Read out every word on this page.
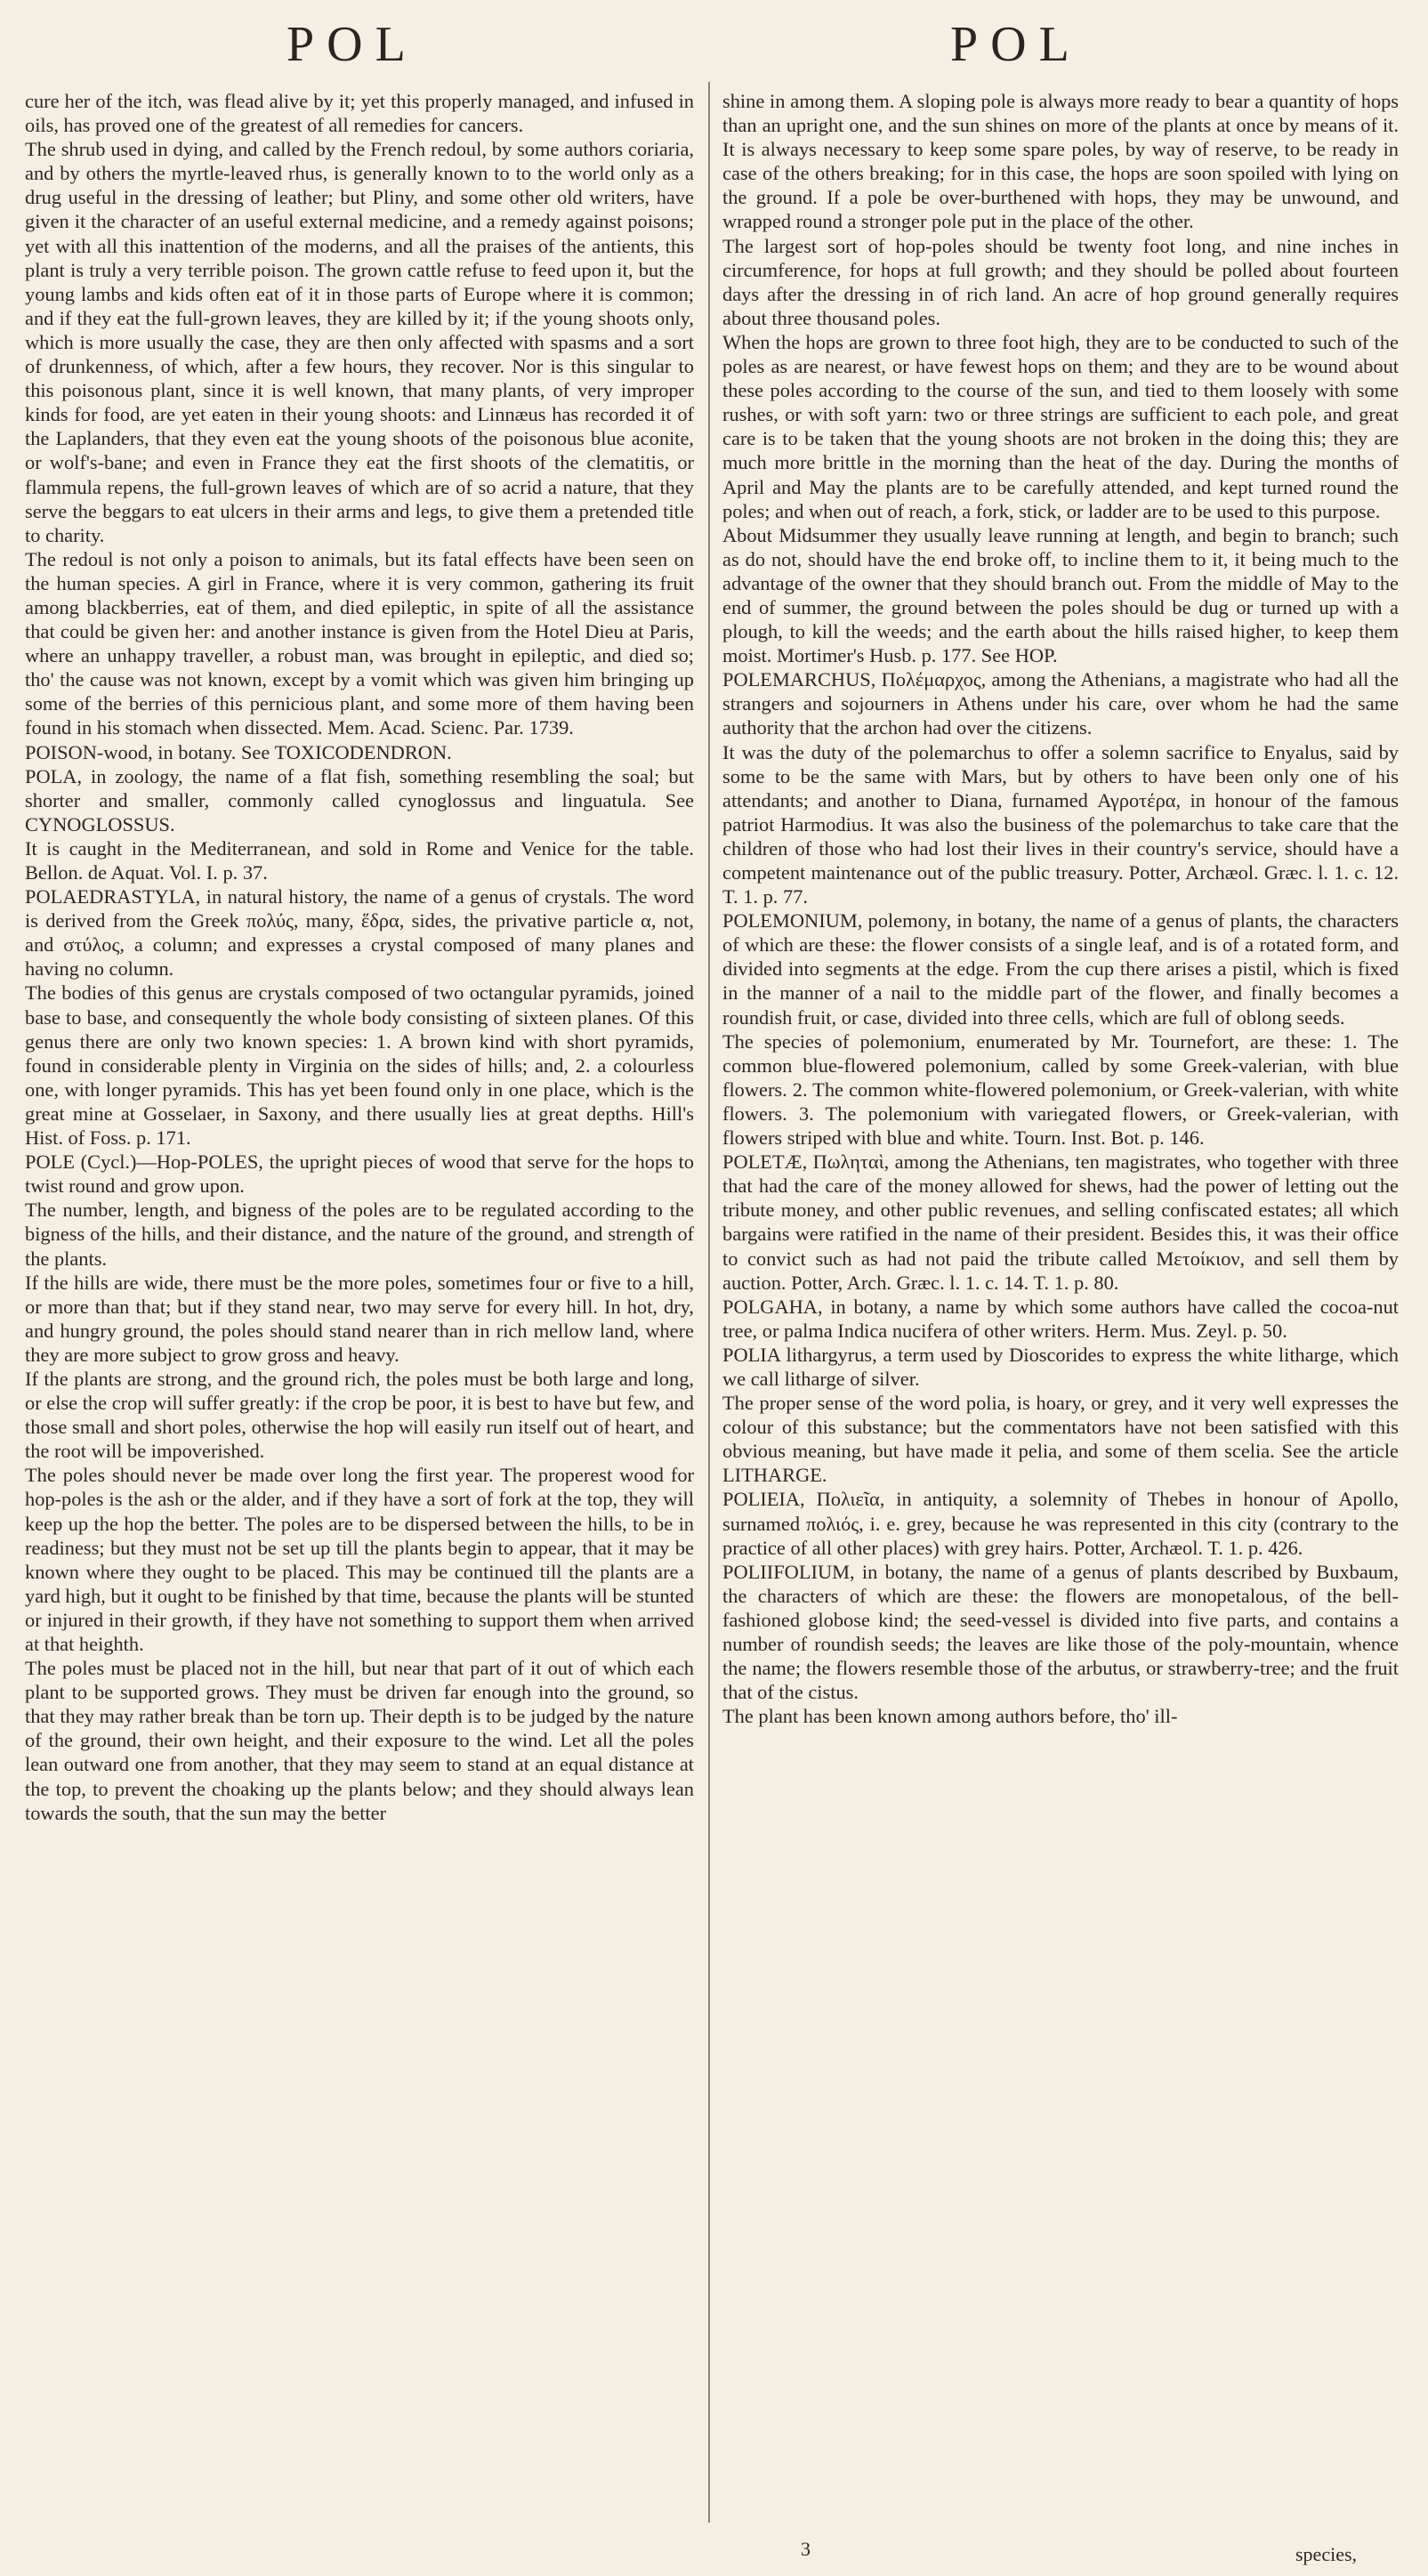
POL	POL

cure her of the itch, was flead alive by it; yet this properly managed, and infused in oils, has proved one of the greatest of all remedies for cancers.

The shrub used in dying, and called by the French redoul, by some authors coriaria, and by others the myrtle-leaved rhus, is generally known to to the world only as a drug useful in the dressing of leather; but Pliny, and some other old writers, have given it the character of an useful external medicine, and a remedy against poisons; yet with all this inattention of the moderns, and all the praises of the antients, this plant is truly a very terrible poison. The grown cattle refuse to feed upon it, but the young lambs and kids often eat of it in those parts of Europe where it is common; and if they eat the full-grown leaves, they are killed by it; if the young shoots only, which is more usually the case, they are then only affected with spasms and a sort of drunkenness, of which, after a few hours, they recover. Nor is this singular to this poisonous plant, since it is well known, that many plants, of very improper kinds for food, are yet eaten in their young shoots: and Linnæus has recorded it of the Laplanders, that they even eat the young shoots of the poisonous blue aconite, or wolf's-bane; and even in France they eat the first shoots of the clematitis, or flammula repens, the full-grown leaves of which are of so acrid a nature, that they serve the beggars to eat ulcers in their arms and legs, to give them a pretended title to charity.

The redoul is not only a poison to animals, but its fatal effects have been seen on the human species. A girl in France, where it is very common, gathering its fruit among blackberries, eat of them, and died epileptic, in spite of all the assistance that could be given her: and another instance is given from the Hotel Dieu at Paris, where an unhappy traveller, a robust man, was brought in epileptic, and died so; tho' the cause was not known, except by a vomit which was given him bringing up some of the berries of this pernicious plant, and some more of them having been found in his stomach when dissected. Mem. Acad. Scienc. Par. 1739.

POISON-wood, in botany. See TOXICODENDRON.

POLA, in zoology, the name of a flat fish, something resembling the soal; but shorter and smaller, commonly called cynoglossus and linguatula. See CYNOGLOSSUS.

It is caught in the Mediterranean, and sold in Rome and Venice for the table. Bellon. de Aquat. Vol. I. p. 37.

POLAEDRASTYLA, in natural history, the name of a genus of crystals. The word is derived from the Greek πολύς, many, ἕδρα, sides, the privative particle α, not, and στύλος, a column; and expresses a crystal composed of many planes and having no column.

The bodies of this genus are crystals composed of two octangular pyramids, joined base to base, and consequently the whole body consisting of sixteen planes. Of this genus there are only two known species: 1. A brown kind with short pyramids, found in considerable plenty in Virginia on the sides of hills; and, 2. a colourless one, with longer pyramids. This has yet been found only in one place, which is the great mine at Gosselaer, in Saxony, and there usually lies at great depths. Hill's Hist. of Foss. p. 171.

POLE (Cycl.)—Hop-POLES, the upright pieces of wood that serve for the hops to twist round and grow upon.

The number, length, and bigness of the poles are to be regulated according to the bigness of the hills, and their distance, and the nature of the ground, and strength of the plants.

If the hills are wide, there must be the more poles, sometimes four or five to a hill, or more than that; but if they stand near, two may serve for every hill. In hot, dry, and hungry ground, the poles should stand nearer than in rich mellow land, where they are more subject to grow gross and heavy.

If the plants are strong, and the ground rich, the poles must be both large and long, or else the crop will suffer greatly: if the crop be poor, it is best to have but few, and those small and short poles, otherwise the hop will easily run itself out of heart, and the root will be impoverished.

The poles should never be made over long the first year. The properest wood for hop-poles is the ash or the alder, and if they have a sort of fork at the top, they will keep up the hop the better. The poles are to be dispersed between the hills, to be in readiness; but they must not be set up till the plants begin to appear, that it may be known where they ought to be placed. This may be continued till the plants are a yard high, but it ought to be finished by that time, because the plants will be stunted or injured in their growth, if they have not something to support them when arrived at that heighth.

The poles must be placed not in the hill, but near that part of it out of which each plant to be supported grows. They must be driven far enough into the ground, so that they may rather break than be torn up. Their depth is to be judged by the nature of the ground, their own height, and their exposure to the wind. Let all the poles lean outward one from another, that they may seem to stand at an equal distance at the top, to prevent the choaking up the plants below; and they should always lean towards the south, that the sun may the better

shine in among them. A sloping pole is always more ready to bear a quantity of hops than an upright one, and the sun shines on more of the plants at once by means of it. It is always necessary to keep some spare poles, by way of reserve, to be ready in case of the others breaking; for in this case, the hops are soon spoiled with lying on the ground. If a pole be over-burthened with hops, they may be unwound, and wrapped round a stronger pole put in the place of the other.

The largest sort of hop-poles should be twenty foot long, and nine inches in circumference, for hops at full growth; and they should be polled about fourteen days after the dressing in of rich land. An acre of hop ground generally requires about three thousand poles.

When the hops are grown to three foot high, they are to be conducted to such of the poles as are nearest, or have fewest hops on them; and they are to be wound about these poles according to the course of the sun, and tied to them loosely with some rushes, or with soft yarn: two or three strings are sufficient to each pole, and great care is to be taken that the young shoots are not broken in the doing this; they are much more brittle in the morning than the heat of the day. During the months of April and May the plants are to be carefully attended, and kept turned round the poles; and when out of reach, a fork, stick, or ladder are to be used to this purpose.

About Midsummer they usually leave running at length, and begin to branch; such as do not, should have the end broke off, to incline them to it, it being much to the advantage of the owner that they should branch out. From the middle of May to the end of summer, the ground between the poles should be dug or turned up with a plough, to kill the weeds; and the earth about the hills raised higher, to keep them moist. Mortimer's Husb. p. 177. See HOP.

POLEMARCHUS, Πολέμαρχος, among the Athenians, a magistrate who had all the strangers and sojourners in Athens under his care, over whom he had the same authority that the archon had over the citizens.

It was the duty of the polemarchus to offer a solemn sacrifice to Enyalus, said by some to be the same with Mars, but by others to have been only one of his attendants; and another to Diana, furnamed Αγροτέρα, in honour of the famous patriot Harmodius. It was also the business of the polemarchus to take care that the children of those who had lost their lives in their country's service, should have a competent maintenance out of the public treasury. Potter, Archæol. Græc. l. 1. c. 12. T. 1. p. 77.

POLEMONIUM, polemony, in botany, the name of a genus of plants, the characters of which are these: the flower consists of a single leaf, and is of a rotated form, and divided into segments at the edge. From the cup there arises a pistil, which is fixed in the manner of a nail to the middle part of the flower, and finally becomes a roundish fruit, or case, divided into three cells, which are full of oblong seeds.

The species of polemonium, enumerated by Mr. Tournefort, are these: 1. The common blue-flowered polemonium, called by some Greek-valerian, with blue flowers. 2. The common white-flowered polemonium, or Greek-valerian, with white flowers. 3. The polemonium with variegated flowers, or Greek-valerian, with flowers striped with blue and white. Tourn. Inst. Bot. p. 146.

POLETÆ, Πωληταὶ, among the Athenians, ten magistrates, who together with three that had the care of the money allowed for shews, had the power of letting out the tribute money, and other public revenues, and selling confiscated estates; all which bargains were ratified in the name of their president. Besides this, it was their office to convict such as had not paid the tribute called Μετοίκιον, and sell them by auction. Potter, Arch. Græc. l. 1. c. 14. T. 1. p. 80.

POLGAHA, in botany, a name by which some authors have called the cocoa-nut tree, or palma Indica nucifera of other writers. Herm. Mus. Zeyl. p. 50.

POLIA lithargyrus, a term used by Dioscorides to express the white litharge, which we call litharge of silver.

The proper sense of the word polia, is hoary, or grey, and it very well expresses the colour of this substance; but the commentators have not been satisfied with this obvious meaning, but have made it pelia, and some of them scelia. See the article LITHARGE.

POLIEIA, Πολιεῖα, in antiquity, a solemnity of Thebes in honour of Apollo, surnamed πολιός, i. e. grey, because he was represented in this city (contrary to the practice of all other places) with grey hairs. Potter, Archæol. T. 1. p. 426.

POLIIFOLIUM, in botany, the name of a genus of plants described by Buxbaum, the characters of which are these: the flowers are monopetalous, of the bell-fashioned globose kind; the seed-vessel is divided into five parts, and contains a number of roundish seeds; the leaves are like those of the poly-mountain, whence the name; the flowers resemble those of the arbutus, or strawberry-tree; and the fruit that of the cistus.

The plant has been known among authors before, tho' ill-

3	species,
